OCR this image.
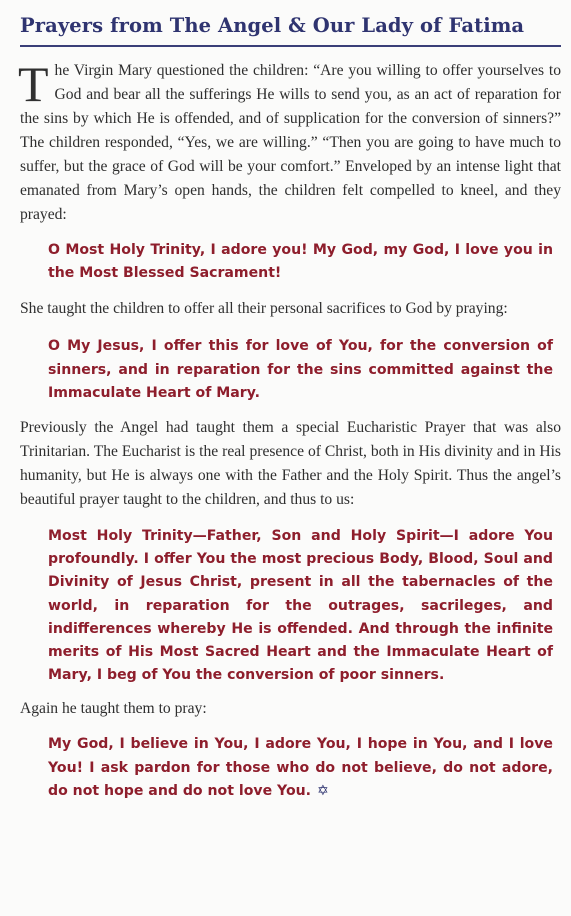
Prayers from The Angel & Our Lady of Fatima

The Virgin Mary questioned the children: “Are you willing to offer yourselves to God and bear all the sufferings He wills to send you, as an act of reparation for the sins by which He is offended, and of supplication for the conversion of sinners?” The children responded, “Yes, we are willing.” “Then you are going to have much to suffer, but the grace of God will be your comfort.” Enveloped by an intense light that emanated from Mary’s open hands, the children felt compelled to kneel, and they prayed:

O Most Holy Trinity, I adore you! My God, my God, I love you in the Most Blessed Sacrament!

She taught the children to offer all their personal sacrifices to God by praying:

O My Jesus, I offer this for love of You, for the conversion of sinners, and in reparation for the sins committed against the Immaculate Heart of Mary.

Previously the Angel had taught them a special Eucharistic Prayer that was also Trinitarian. The Eucharist is the real presence of Christ, both in His divinity and in His humanity, but He is always one with the Father and the Holy Spirit. Thus the angel’s beautiful prayer taught to the children, and thus to us:

Most Holy Trinity—Father, Son and Holy Spirit—I adore You profoundly. I offer You the most precious Body, Blood, Soul and Divinity of Jesus Christ, present in all the tabernacles of the world, in reparation for the outrages, sacrileges, and indifferences whereby He is offended. And through the infinite merits of His Most Sacred Heart and the Immaculate Heart of Mary, I beg of You the conversion of poor sinners.

Again he taught them to pray:

My God, I believe in You, I adore You, I hope in You, and I love You! I ask pardon for those who do not believe, do not adore, do not hope and do not love You. ✡
